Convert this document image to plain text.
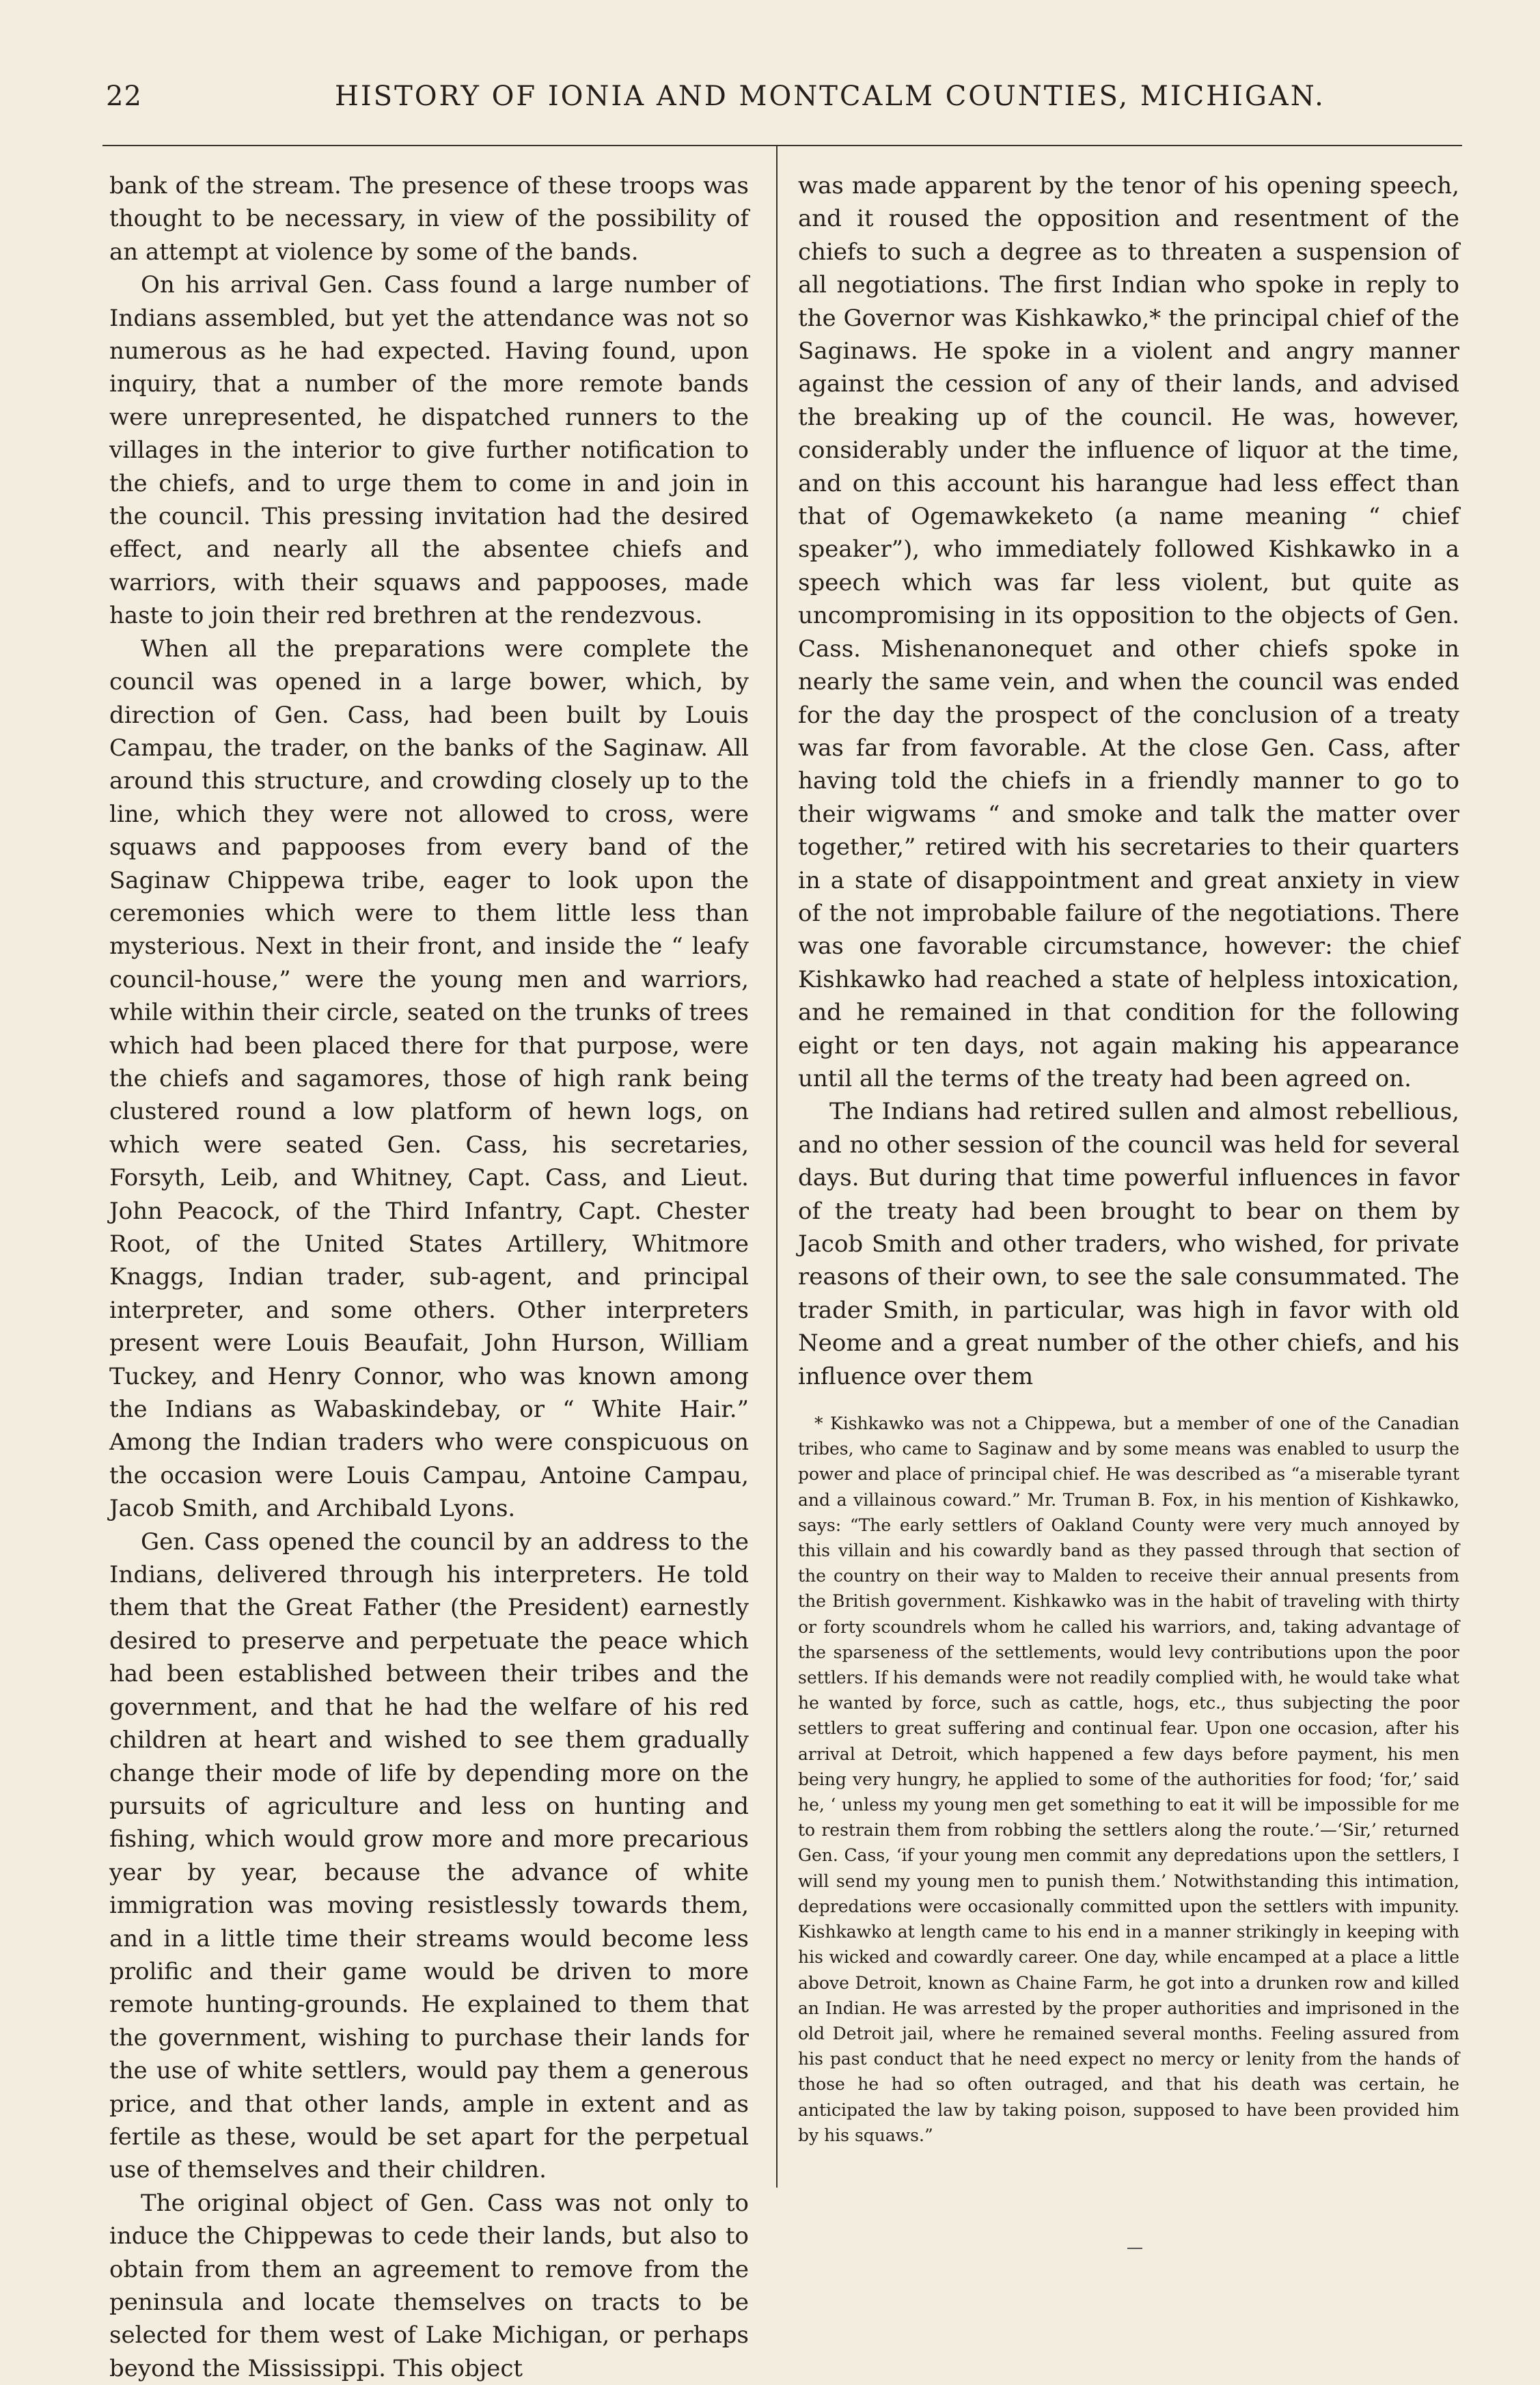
22	HISTORY OF IONIA AND MONTCALM COUNTIES, MICHIGAN.

bank of the stream. The presence of these troops was thought to be necessary, in view of the possibility of an attempt at violence by some of the bands.

On his arrival Gen. Cass found a large number of Indians assembled, but yet the attendance was not so numerous as he had expected. Having found, upon inquiry, that a number of the more remote bands were unrepresented, he dispatched runners to the villages in the interior to give further notification to the chiefs, and to urge them to come in and join in the council. This pressing invitation had the desired effect, and nearly all the absentee chiefs and warriors, with their squaws and pappooses, made haste to join their red brethren at the rendezvous.

When all the preparations were complete the council was opened in a large bower, which, by direction of Gen. Cass, had been built by Louis Campau, the trader, on the banks of the Saginaw. All around this structure, and crowding closely up to the line, which they were not allowed to cross, were squaws and pappooses from every band of the Saginaw Chippewa tribe, eager to look upon the ceremonies which were to them little less than mysterious. Next in their front, and inside the “ leafy council-house,” were the young men and warriors, while within their circle, seated on the trunks of trees which had been placed there for that purpose, were the chiefs and sagamores, those of high rank being clustered round a low platform of hewn logs, on which were seated Gen. Cass, his secretaries, Forsyth, Leib, and Whitney, Capt. Cass, and Lieut. John Peacock, of the Third Infantry, Capt. Chester Root, of the United States Artillery, Whitmore Knaggs, Indian trader, sub-agent, and principal interpreter, and some others. Other interpreters present were Louis Beaufait, John Hurson, William Tuckey, and Henry Connor, who was known among the Indians as Wabaskindebay, or “ White Hair.” Among the Indian traders who were conspicuous on the occasion were Louis Campau, Antoine Campau, Jacob Smith, and Archibald Lyons.

Gen. Cass opened the council by an address to the Indians, delivered through his interpreters. He told them that the Great Father (the President) earnestly desired to preserve and perpetuate the peace which had been established between their tribes and the government, and that he had the welfare of his red children at heart and wished to see them gradually change their mode of life by depending more on the pursuits of agriculture and less on hunting and fishing, which would grow more and more precarious year by year, because the advance of white immigration was moving resistlessly towards them, and in a little time their streams would become less prolific and their game would be driven to more remote hunting-grounds. He explained to them that the government, wishing to purchase their lands for the use of white settlers, would pay them a generous price, and that other lands, ample in extent and as fertile as these, would be set apart for the perpetual use of themselves and their children.

The original object of Gen. Cass was not only to induce the Chippewas to cede their lands, but also to obtain from them an agreement to remove from the peninsula and locate themselves on tracts to be selected for them west of Lake Michigan, or perhaps beyond the Mississippi. This object

was made apparent by the tenor of his opening speech, and it roused the opposition and resentment of the chiefs to such a degree as to threaten a suspension of all negotiations. The first Indian who spoke in reply to the Governor was Kishkawko,* the principal chief of the Saginaws. He spoke in a violent and angry manner against the cession of any of their lands, and advised the breaking up of the council. He was, however, considerably under the influence of liquor at the time, and on this account his harangue had less effect than that of Ogemawkeketo (a name meaning “ chief speaker”), who immediately followed Kishkawko in a speech which was far less violent, but quite as uncompromising in its opposition to the objects of Gen. Cass. Mishenanonequet and other chiefs spoke in nearly the same vein, and when the council was ended for the day the prospect of the conclusion of a treaty was far from favorable. At the close Gen. Cass, after having told the chiefs in a friendly manner to go to their wigwams “ and smoke and talk the matter over together,” retired with his secretaries to their quarters in a state of disappointment and great anxiety in view of the not improbable failure of the negotiations. There was one favorable circumstance, however: the chief Kishkawko had reached a state of helpless intoxication, and he remained in that condition for the following eight or ten days, not again making his appearance until all the terms of the treaty had been agreed on.

The Indians had retired sullen and almost rebellious, and no other session of the council was held for several days. But during that time powerful influences in favor of the treaty had been brought to bear on them by Jacob Smith and other traders, who wished, for private reasons of their own, to see the sale consummated. The trader Smith, in particular, was high in favor with old Neome and a great number of the other chiefs, and his influence over them

* Kishkawko was not a Chippewa, but a member of one of the Canadian tribes, who came to Saginaw and by some means was enabled to usurp the power and place of principal chief. He was described as “a miserable tyrant and a villainous coward.” Mr. Truman B. Fox, in his mention of Kishkawko, says: “The early settlers of Oakland County were very much annoyed by this villain and his cowardly band as they passed through that section of the country on their way to Malden to receive their annual presents from the British government. Kishkawko was in the habit of traveling with thirty or forty scoundrels whom he called his warriors, and, taking advantage of the sparseness of the settlements, would levy contributions upon the poor settlers. If his demands were not readily complied with, he would take what he wanted by force, such as cattle, hogs, etc., thus subjecting the poor settlers to great suffering and continual fear. Upon one occasion, after his arrival at Detroit, which happened a few days before payment, his men being very hungry, he applied to some of the authorities for food; ‘for,’ said he, ‘ unless my young men get something to eat it will be impossible for me to restrain them from robbing the settlers along the route.’—‘Sir,’ returned Gen. Cass, ‘if your young men commit any depredations upon the settlers, I will send my young men to punish them.’ Notwithstanding this intimation, depredations were occasionally committed upon the settlers with impunity. Kishkawko at length came to his end in a manner strikingly in keeping with his wicked and cowardly career. One day, while encamped at a place a little above Detroit, known as Chaine Farm, he got into a drunken row and killed an Indian. He was arrested by the proper authorities and imprisoned in the old Detroit jail, where he remained several months. Feeling assured from his past conduct that he need expect no mercy or lenity from the hands of those he had so often outraged, and that his death was certain, he anticipated the law by taking poison, supposed to have been provided him by his squaws.”
